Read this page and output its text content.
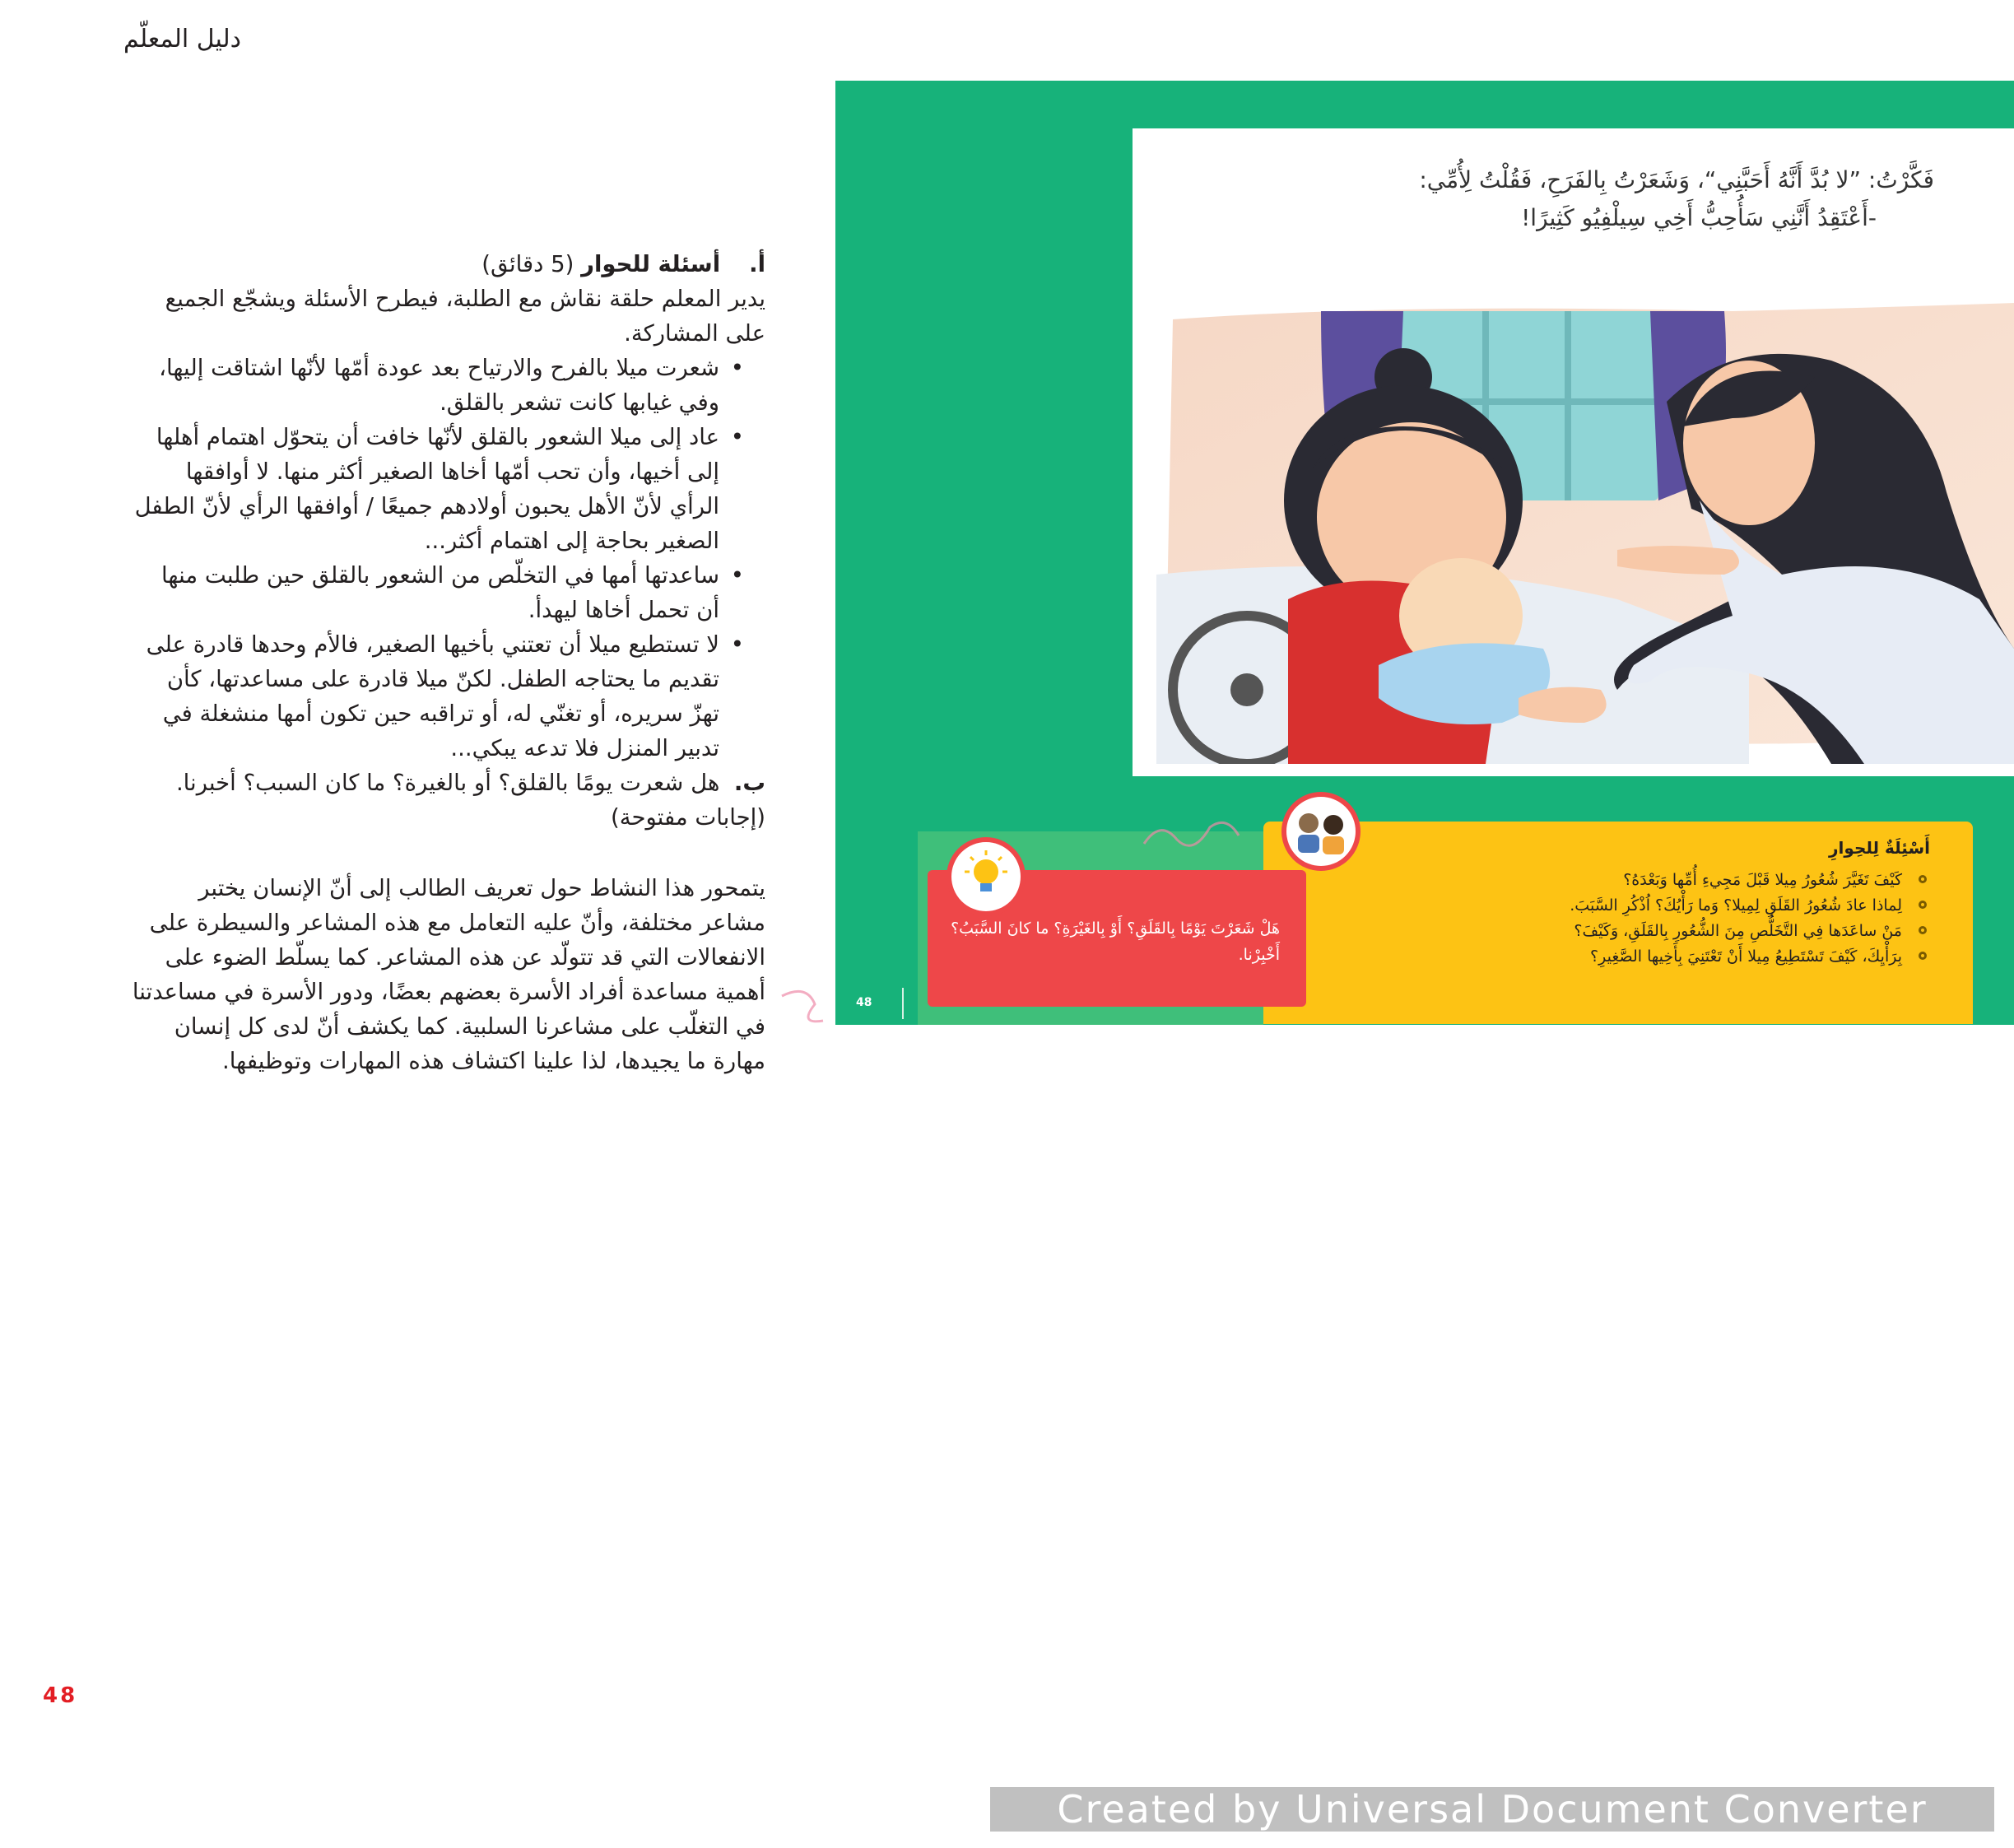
دليل المعلّم

أ.    أسئلة للحوار (5 دقائق)

يدير المعلم حلقة نقاش مع الطلبة، فيطرح الأسئلة ويشجّع الجميع على المشاركة.

• شعرت ميلا بالفرح والارتياح بعد عودة أمّها لأنّها اشتاقت إليها، وفي غيابها كانت تشعر بالقلق.
• عاد إلى ميلا الشعور بالقلق لأنّها خافت أن يتحوّل اهتمام أهلها إلى أخيها، وأن تحب أمّها أخاها الصغير أكثر منها. لا أوافقها الرأي لأنّ الأهل يحبون أولادهم جميعًا / أوافقها الرأي لأنّ الطفل الصغير بحاجة إلى اهتمام أكثر...
• ساعدتها أمها في التخلّص من الشعور بالقلق حين طلبت منها أن تحمل أخاها ليهدأ.
• لا تستطيع ميلا أن تعتني بأخيها الصغير، فالأم وحدها قادرة على تقديم ما يحتاجه الطفل. لكنّ ميلا قادرة على مساعدتها، كأن تهزّ سريره، أو تغنّي له، أو تراقبه حين تكون أمها منشغلة في تدبير المنزل فلا تدعه يبكي...

ب.  هل شعرت يومًا بالقلق؟ أو بالغيرة؟ ما كان السبب؟ أخبرنا.
(إجابات مفتوحة)

يتمحور هذا النشاط حول تعريف الطالب إلى أنّ الإنسان يختبر مشاعر مختلفة، وأنّ عليه التعامل مع هذه المشاعر والسيطرة على الانفعالات التي قد تتولّد عن هذه المشاعر. كما يسلّط الضوء على أهمية مساعدة أفراد الأسرة بعضهم بعضًا، ودور الأسرة في مساعدتنا في التغلّب على مشاعرنا السلبية. كما يكشف أنّ لدى كل إنسان مهارة ما يجيدها، لذا علينا اكتشاف هذه المهارات وتوظيفها.

48
فَكَّرْتُ: ”لا بُدَّ أَنَّهُ أَحَبَّنِي“، وَشَعَرْتُ بِالفَرَحِ، فَقُلْتُ لِأُمِّي:
-أَعْتَقِدُ أَنَّنِي سَأُحِبُّ أَخِي سِيلْفِيُو كَثِيرًا!
أَسْئِلَةٌ لِلحِوارِ
كَيْفَ تَغَيَّرَ شُعُورُ مِيلا قَبْلَ مَجِيءِ أُمِّها وَبَعْدَهُ؟
لِماذا عادَ شُعُورُ القَلَقِ لِمِيلا؟ وَما رَأْيُكَ؟ اُذْكُرِ السَّبَبَ.
مَنْ ساعَدَها فِي التَّخَلُّصِ مِنَ الشُّعُورِ بِالقَلَقِ، وَكَيْفَ؟
بِرَأْيِكَ، كَيْفَ تَسْتَطِيعُ مِيلا أَنْ تَعْتَنِيَ بِأَخِيها الصَّغِيرِ؟
هَلْ شَعَرْتَ يَوْمًا بِالقَلَقِ؟ أَوْ بِالغَيْرَةِ؟ ما كانَ السَّبَبُ؟ أَخْبِرْنا.
48
Created by Universal Document Converter
